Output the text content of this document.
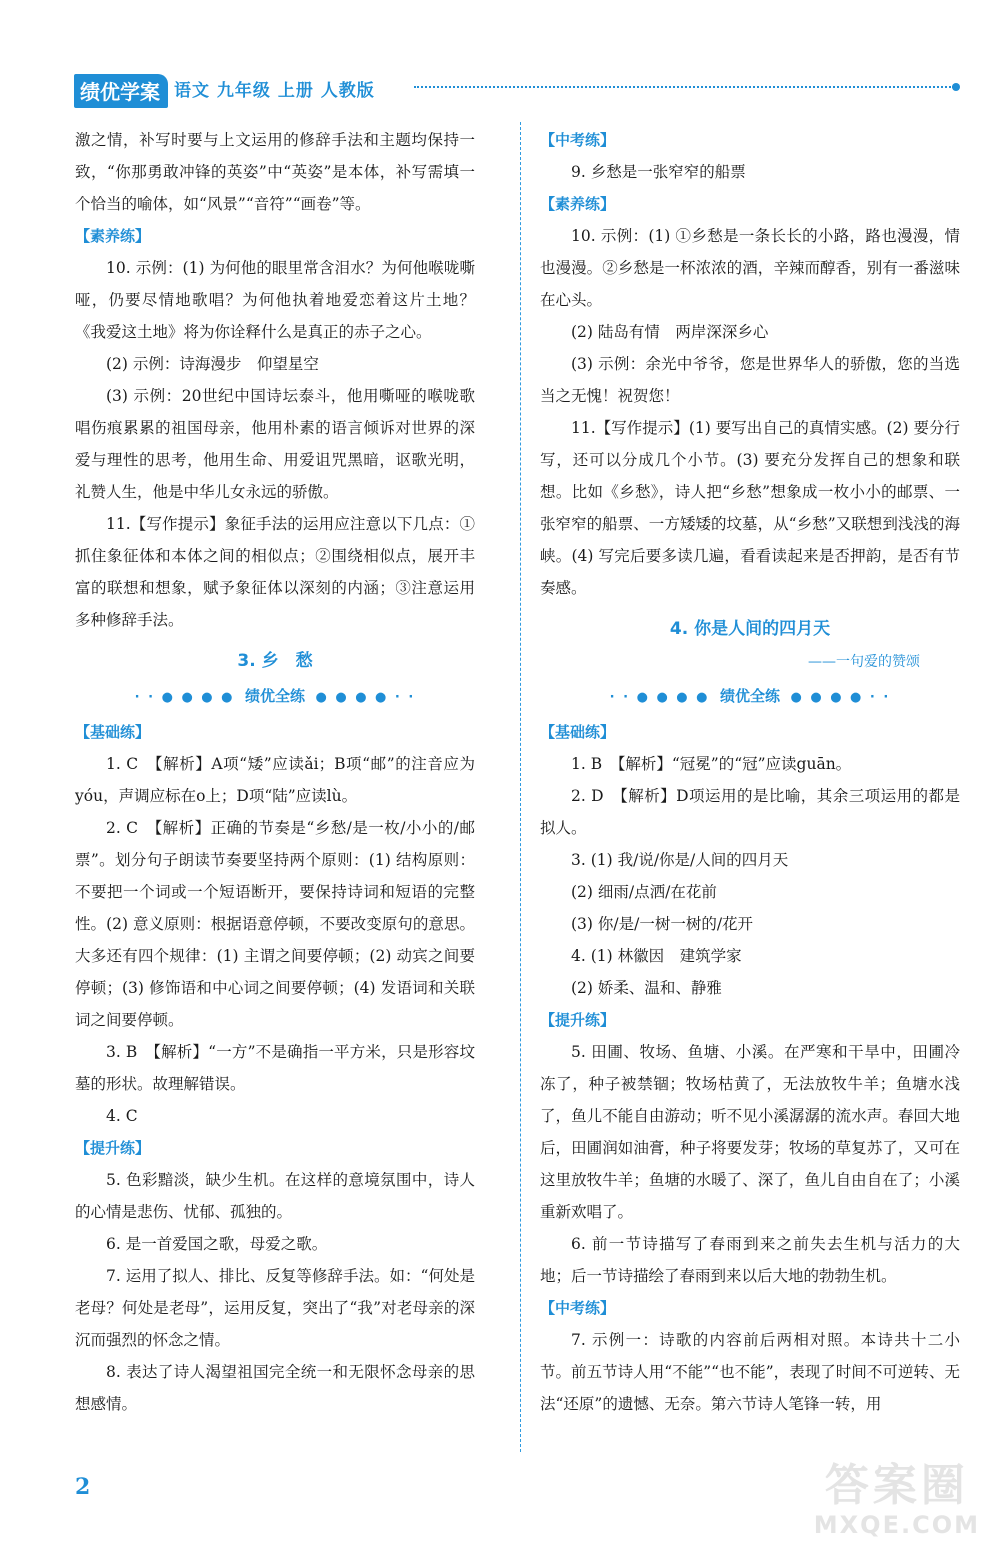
绩优学案 语文 九年级 上册 人教版

激之情，补写时要与上文运用的修辞手法和主题均保持一致，“你那勇敢冲锋的英姿”中“英姿”是本体，补写需填一个恰当的喻体，如“风景”“音符”“画卷”等。

【素养练】

10. 示例：(1) 为何他的眼里常含泪水？为何他喉咙嘶哑，仍要尽情地歌唱？为何他执着地爱恋着这片土地？《我爱这土地》将为你诠释什么是真正的赤子之心。

(2) 示例：诗海漫步　仰望星空

(3) 示例：20世纪中国诗坛泰斗，他用嘶哑的喉咙歌唱伤痕累累的祖国母亲，他用朴素的语言倾诉对世界的深爱与理性的思考，他用生命、用爱诅咒黑暗，讴歌光明，礼赞人生，他是中华儿女永远的骄傲。

11.【写作提示】象征手法的运用应注意以下几点：①抓住象征体和本体之间的相似点；②围绕相似点，展开丰富的联想和想象，赋予象征体以深刻的内涵；③注意运用多种修辞手法。

3. 乡　愁
· · ● ● ● ● 绩优全练 ● ● ● ● · ·
【基础练】

1. C　【解析】A项“矮”应读ǎi；B项“邮”的注音应为yóu，声调应标在o上；D项“陆”应读lù。

2. C　【解析】正确的节奏是“乡愁/是一枚/小小的/邮票”。划分句子朗读节奏要坚持两个原则：(1) 结构原则：不要把一个词或一个短语断开，要保持诗词和短语的完整性。(2) 意义原则：根据语意停顿，不要改变原句的意思。大多还有四个规律：(1) 主谓之间要停顿；(2) 动宾之间要停顿；(3) 修饰语和中心词之间要停顿；(4) 发语词和关联词之间要停顿。

3. B　【解析】“一方”不是确指一平方米，只是形容坟墓的形状。故理解错误。

4. C

【提升练】

5. 色彩黯淡，缺少生机。在这样的意境氛围中，诗人的心情是悲伤、忧郁、孤独的。

6. 是一首爱国之歌，母爱之歌。

7. 运用了拟人、排比、反复等修辞手法。如：“何处是老母？何处是老母”，运用反复，突出了“我”对老母亲的深沉而强烈的怀念之情。

8. 表达了诗人渴望祖国完全统一和无限怀念母亲的思想感情。

【中考练】

9. 乡愁是一张窄窄的船票

【素养练】

10. 示例：(1) ①乡愁是一条长长的小路，路也漫漫，情也漫漫。②乡愁是一杯浓浓的酒，辛辣而醇香，别有一番滋味在心头。

(2) 陆岛有情　两岸深深乡心

(3) 示例：余光中爷爷，您是世界华人的骄傲，您的当选当之无愧！祝贺您！

11.【写作提示】(1) 要写出自己的真情实感。(2) 要分行写，还可以分成几个小节。(3) 要充分发挥自己的想象和联想。比如《乡愁》，诗人把“乡愁”想象成一枚小小的邮票、一张窄窄的船票、一方矮矮的坟墓，从“乡愁”又联想到浅浅的海峡。(4) 写完后要多读几遍，看看读起来是否押韵，是否有节奏感。

4. 你是人间的四月天
——一句爱的赞颂
· · ● ● ● ● 绩优全练 ● ● ● ● · ·
【基础练】

1. B　【解析】“冠冕”的“冠”应读guān。

2. D　【解析】D项运用的是比喻，其余三项运用的都是拟人。

3. (1) 我/说/你是/人间的四月天

(2) 细雨/点洒/在花前

(3) 你/是/一树一树的/花开

4. (1) 林徽因　建筑学家

(2) 娇柔、温和、静雅

【提升练】

5. 田圃、牧场、鱼塘、小溪。在严寒和干旱中，田圃冷冻了，种子被禁锢；牧场枯黄了，无法放牧牛羊；鱼塘水浅了，鱼儿不能自由游动；听不见小溪潺潺的流水声。春回大地后，田圃润如油膏，种子将要发芽；牧场的草复苏了，又可在这里放牧牛羊；鱼塘的水暖了、深了，鱼儿自由自在了；小溪重新欢唱了。

6. 前一节诗描写了春雨到来之前失去生机与活力的大地；后一节诗描绘了春雨到来以后大地的勃勃生机。

【中考练】

7. 示例一：诗歌的内容前后两相对照。本诗共十二小节。前五节诗人用“不能”“也不能”，表现了时间不可逆转、无法“还原”的遗憾、无奈。第六节诗人笔锋一转，用

2	答案圈
MXQE.COM
